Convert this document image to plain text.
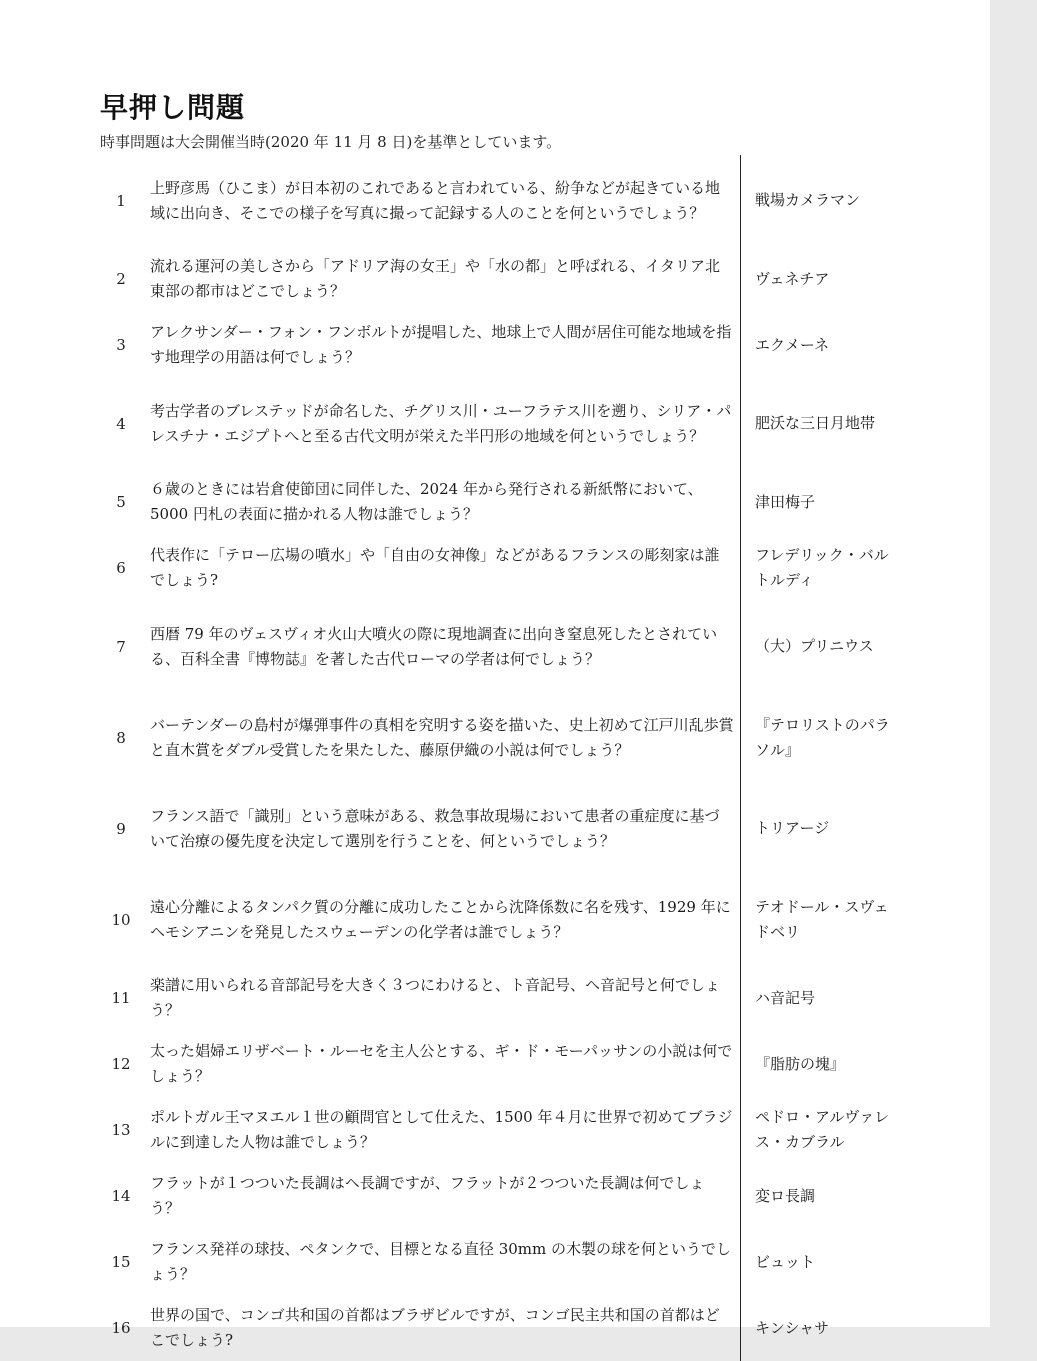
早押し問題
時事問題は大会開催当時(2020 年 11 月 8 日)を基準としています。
1	上野彦馬（ひこま）が日本初のこれであると言われている、紛争などが起きている地域に出向き、そこでの様子を写真に撮って記録する人のことを何というでしょう？	戦場カメラマン
2	流れる運河の美しさから「アドリア海の女王」や「水の都」と呼ばれる、イタリア北東部の都市はどこでしょう？	ヴェネチア
3	アレクサンダー・フォン・フンボルトが提唱した、地球上で人間が居住可能な地域を指す地理学の用語は何でしょう？	エクメーネ
4	考古学者のブレステッドが命名した、チグリス川・ユーフラテス川を遡り、シリア・パレスチナ・エジプトへと至る古代文明が栄えた半円形の地域を何というでしょう？	肥沃な三日月地帯
5	６歳のときには岩倉使節団に同伴した、2024 年から発行される新紙幣において、5000 円札の表面に描かれる人物は誰でしょう？	津田梅子
6	代表作に「テロー広場の噴水」や「自由の女神像」などがあるフランスの彫刻家は誰でしょう?	フレデリック・バルトルディ
7	西暦 79 年のヴェスヴィオ火山大噴火の際に現地調査に出向き窒息死したとされている、百科全書『博物誌』を著した古代ローマの学者は何でしょう？	（大）プリニウス
8	バーテンダーの島村が爆弾事件の真相を究明する姿を描いた、史上初めて江戸川乱歩賞と直木賞をダブル受賞したを果たした、藤原伊織の小説は何でしょう？	『テロリストのパラソル』
9	フランス語で「識別」という意味がある、救急事故現場において患者の重症度に基づいて治療の優先度を決定して選別を行うことを、何というでしょう？	トリアージ
10	遠心分離によるタンパク質の分離に成功したことから沈降係数に名を残す、1929 年にヘモシアニンを発見したスウェーデンの化学者は誰でしょう？	テオドール・スヴェドベリ
11	楽譜に用いられる音部記号を大きく３つにわけると、ト音記号、ヘ音記号と何でしょう？	ハ音記号
12	太った娼婦エリザベート・ルーセを主人公とする、ギ・ド・モーパッサンの小説は何でしょう？	『脂肪の塊』
13	ポルトガル王マヌエル１世の顧問官として仕えた、1500 年４月に世界で初めてブラジルに到達した人物は誰でしょう？	ペドロ・アルヴァレス・カブラル
14	フラットが１つついた長調はヘ長調ですが、フラットが２つついた長調は何でしょう？	変ロ長調
15	フランス発祥の球技、ペタンクで、目標となる直径 30mm の木製の球を何というでしょう？	ビュット
16	世界の国で、コンゴ共和国の首都はブラザビルですが、コンゴ民主共和国の首都はどこでしょう?	キンシャサ
